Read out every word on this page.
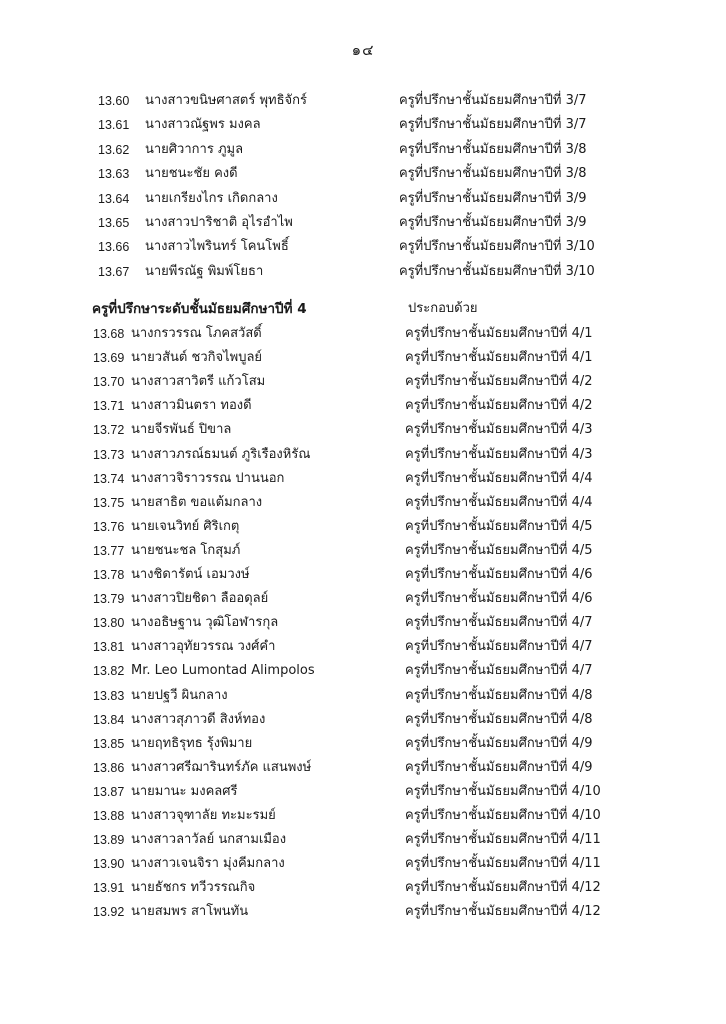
๑๔
13.60 นางสาวขนิษศาสตร์ พุทธิจักร์	ครูที่ปรึกษาชั้นมัธยมศึกษาปีที่ 3/7
13.61 นางสาวณัฐพร มงคล	ครูที่ปรึกษาชั้นมัธยมศึกษาปีที่ 3/7
13.62 นายศิวาการ ภูมูล	ครูที่ปรึกษาชั้นมัธยมศึกษาปีที่ 3/8
13.63 นายชนะชัย คงดี	ครูที่ปรึกษาชั้นมัธยมศึกษาปีที่ 3/8
13.64 นายเกรียงไกร เกิดกลาง	ครูที่ปรึกษาชั้นมัธยมศึกษาปีที่ 3/9
13.65 นางสาวปาริชาติ อุไรอำไพ	ครูที่ปรึกษาชั้นมัธยมศึกษาปีที่ 3/9
13.66 นางสาวไพรินทร์ โคนโพธิ์	ครูที่ปรึกษาชั้นมัธยมศึกษาปีที่ 3/10
13.67 นายพีรณัฐ พิมพ์โยธา	ครูที่ปรึกษาชั้นมัธยมศึกษาปีที่ 3/10
ครูที่ปรึกษาระดับชั้นมัธยมศึกษาปีที่ 4	ประกอบด้วย
13.68 นางกรวรรณ โภคสวัสดิ์	ครูที่ปรึกษาชั้นมัธยมศึกษาปีที่ 4/1
13.69 นายวสันต์ ชวกิจไพบูลย์	ครูที่ปรึกษาชั้นมัธยมศึกษาปีที่ 4/1
13.70 นางสาวสาวิตรี แก้วโสม	ครูที่ปรึกษาชั้นมัธยมศึกษาปีที่ 4/2
13.71 นางสาวมินตรา ทองดี	ครูที่ปรึกษาชั้นมัธยมศึกษาปีที่ 4/2
13.72 นายจีรพันธ์ ปิขาล	ครูที่ปรึกษาชั้นมัธยมศึกษาปีที่ 4/3
13.73 นางสาวภรณ์ธมนต์ ภูริเรืองหิรัณ	ครูที่ปรึกษาชั้นมัธยมศึกษาปีที่ 4/3
13.74 นางสาวจิราวรรณ ปานนอก	ครูที่ปรึกษาชั้นมัธยมศึกษาปีที่ 4/4
13.75 นายสาธิต ขอแต้มกลาง	ครูที่ปรึกษาชั้นมัธยมศึกษาปีที่ 4/4
13.76 นายเจนวิทย์ ศิริเกตุ	ครูที่ปรึกษาชั้นมัธยมศึกษาปีที่ 4/5
13.77 นายชนะชล โกสุมภ์	ครูที่ปรึกษาชั้นมัธยมศึกษาปีที่ 4/5
13.78 นางชิดารัตน์ เอมวงษ์	ครูที่ปรึกษาชั้นมัธยมศึกษาปีที่ 4/6
13.79 นางสาวปิยชิดา ลืออดุลย์	ครูที่ปรึกษาชั้นมัธยมศึกษาปีที่ 4/6
13.80 นางอธิษฐาน วุฒิโอฬารกุล	ครูที่ปรึกษาชั้นมัธยมศึกษาปีที่ 4/7
13.81 นางสาวอุทัยวรรณ วงศ์คำ	ครูที่ปรึกษาชั้นมัธยมศึกษาปีที่ 4/7
13.82 Mr. Leo Lumontad Alimpolos	ครูที่ปรึกษาชั้นมัธยมศึกษาปีที่ 4/7
13.83 นายปฐวี ผินกลาง	ครูที่ปรึกษาชั้นมัธยมศึกษาปีที่ 4/8
13.84 นางสาวสุภาวดี สิงห์ทอง	ครูที่ปรึกษาชั้นมัธยมศึกษาปีที่ 4/8
13.85 นายฤทธิรุทธ รุ้งพิมาย	ครูที่ปรึกษาชั้นมัธยมศึกษาปีที่ 4/9
13.86 นางสาวศรีฌารินทร์ภัค แสนพงษ์	ครูที่ปรึกษาชั้นมัธยมศึกษาปีที่ 4/9
13.87 นายมานะ มงคลศรี	ครูที่ปรึกษาชั้นมัธยมศึกษาปีที่ 4/10
13.88 นางสาวจุฑาลัย ทะมะรมย์	ครูที่ปรึกษาชั้นมัธยมศึกษาปีที่ 4/10
13.89 นางสาวลาวัลย์ นกสามเมือง	ครูที่ปรึกษาชั้นมัธยมศึกษาปีที่ 4/11
13.90 นางสาวเจนจิรา มุ่งคีมกลาง	ครูที่ปรึกษาชั้นมัธยมศึกษาปีที่ 4/11
13.91 นายธัชกร ทวีวรรณกิจ	ครูที่ปรึกษาชั้นมัธยมศึกษาปีที่ 4/12
13.92 นายสมพร สาโพนทัน	ครูที่ปรึกษาชั้นมัธยมศึกษาปีที่ 4/12
